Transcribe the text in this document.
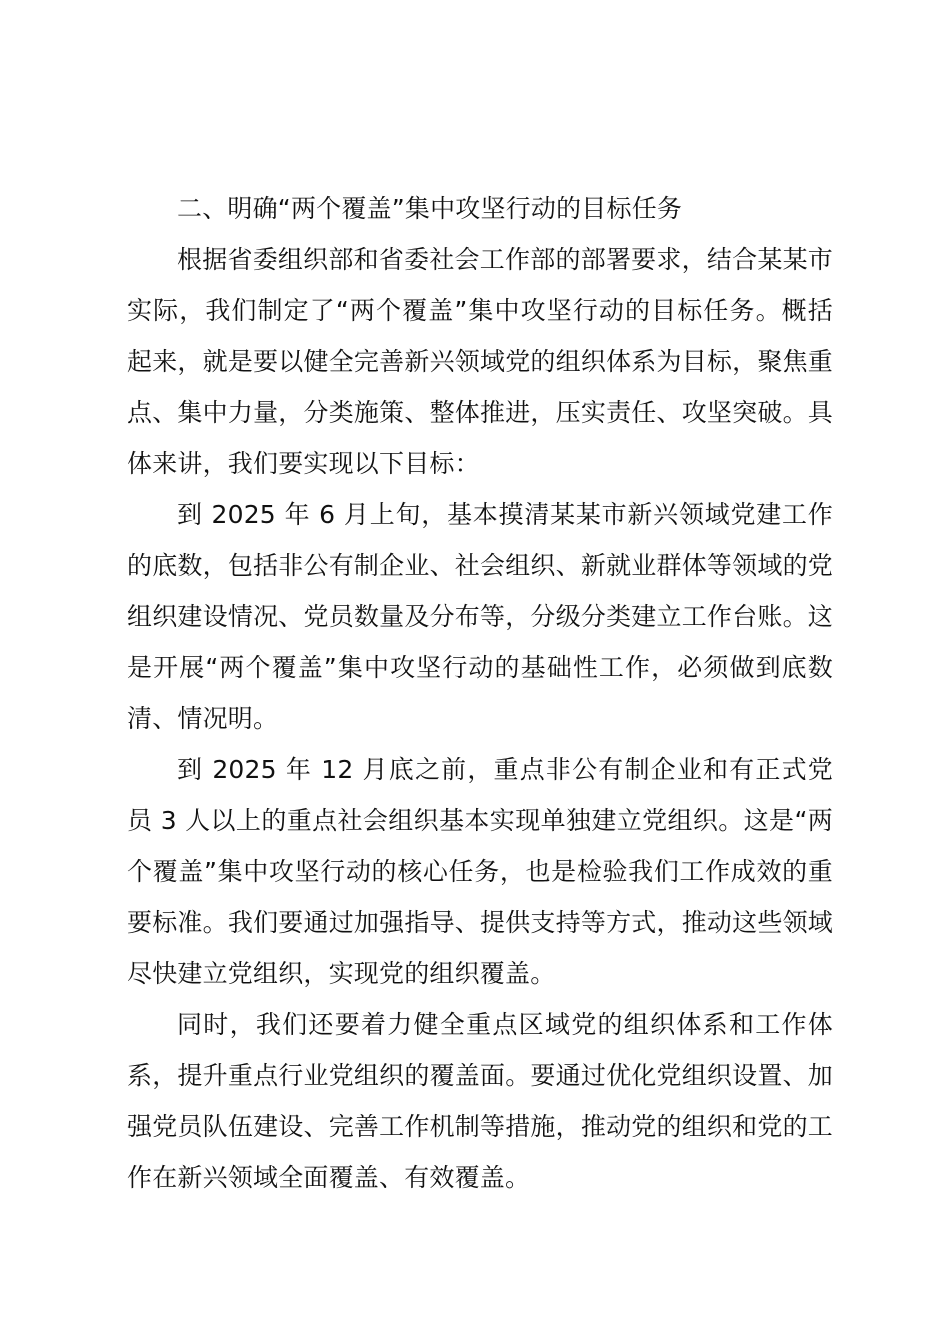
二、明确“两个覆盖”集中攻坚行动的目标任务

根据省委组织部和省委社会工作部的部署要求，结合某某市实际，我们制定了“两个覆盖”集中攻坚行动的目标任务。概括起来，就是要以健全完善新兴领域党的组织体系为目标，聚焦重点、集中力量，分类施策、整体推进，压实责任、攻坚突破。具体来讲，我们要实现以下目标：

到 2025 年 6 月上旬，基本摸清某某市新兴领域党建工作的底数，包括非公有制企业、社会组织、新就业群体等领域的党组织建设情况、党员数量及分布等，分级分类建立工作台账。这是开展“两个覆盖”集中攻坚行动的基础性工作，必须做到底数清、情况明。

到 2025 年 12 月底之前，重点非公有制企业和有正式党员 3 人以上的重点社会组织基本实现单独建立党组织。这是“两个覆盖”集中攻坚行动的核心任务，也是检验我们工作成效的重要标准。我们要通过加强指导、提供支持等方式，推动这些领域尽快建立党组织，实现党的组织覆盖。

同时，我们还要着力健全重点区域党的组织体系和工作体系，提升重点行业党组织的覆盖面。要通过优化党组织设置、加强党员队伍建设、完善工作机制等措施，推动党的组织和党的工作在新兴领域全面覆盖、有效覆盖。
